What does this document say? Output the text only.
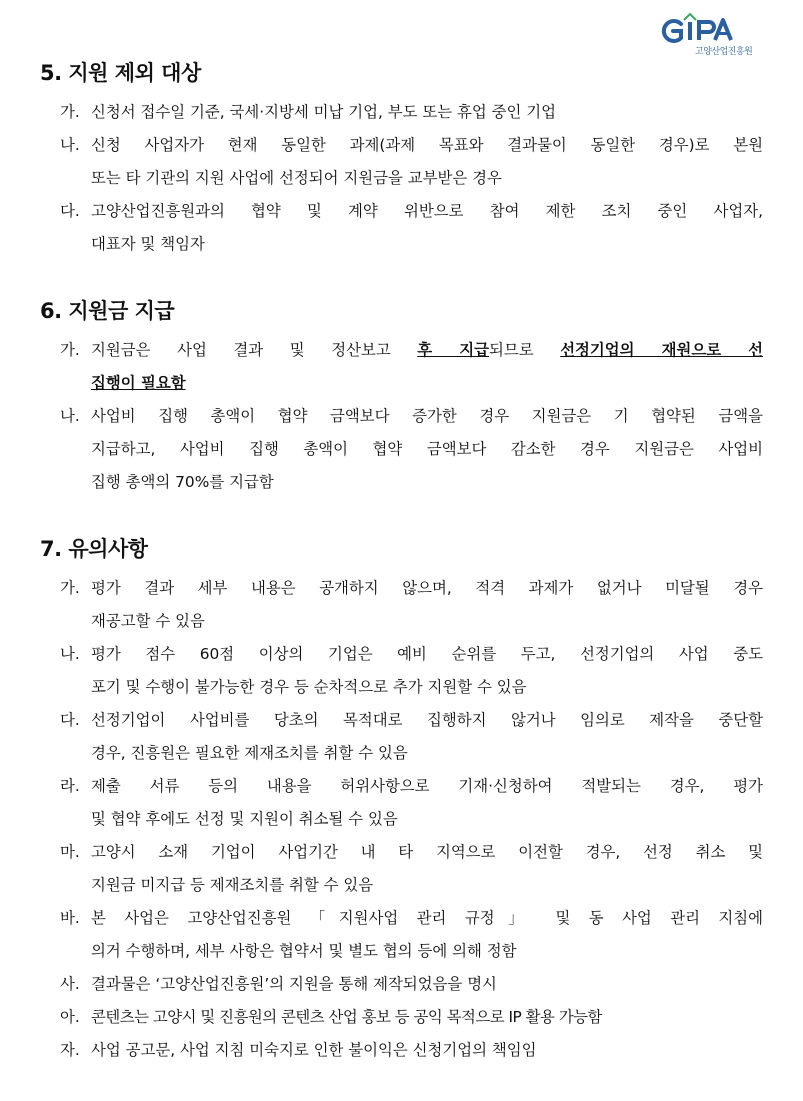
고양산업진흥원
5. 지원 제외 대상
가. 신청서 접수일 기준, 국세·지방세 미납 기업, 부도 또는 휴업 중인 기업
나. 신청 사업자가 현재 동일한 과제(과제 목표와 결과물이 동일한 경우)로 본원
또는 타 기관의 지원 사업에 선정되어 지원금을 교부받은 경우
다. 고양산업진흥원과의 협약 및 계약 위반으로 참여 제한 조치 중인 사업자,
대표자 및 책임자
6. 지원금 지급
가. 지원금은 사업 결과 및 정산보고 후 지급되므로 선정기업의 재원으로 선
집행이 필요함
나. 사업비 집행 총액이 협약 금액보다 증가한 경우 지원금은 기 협약된 금액을
지급하고, 사업비 집행 총액이 협약 금액보다 감소한 경우 지원금은 사업비
집행 총액의 70%를 지급함
7. 유의사항
가. 평가 결과 세부 내용은 공개하지 않으며, 적격 과제가 없거나 미달될 경우
재공고할 수 있음
나. 평가 점수 60점 이상의 기업은 예비 순위를 두고, 선정기업의 사업 중도
포기 및 수행이 불가능한 경우 등 순차적으로 추가 지원할 수 있음
다. 선정기업이 사업비를 당초의 목적대로 집행하지 않거나 임의로 제작을 중단할
경우, 진흥원은 필요한 제재조치를 취할 수 있음
라. 제출 서류 등의 내용을 허위사항으로 기재·신청하여 적발되는 경우, 평가
및 협약 후에도 선정 및 지원이 취소될 수 있음
마. 고양시 소재 기업이 사업기간 내 타 지역으로 이전할 경우, 선정 취소 및
지원금 미지급 등 제재조치를 취할 수 있음
바. 본 사업은 고양산업진흥원 「지원사업 관리 규정」 및 동 사업 관리 지침에
의거 수행하며, 세부 사항은 협약서 및 별도 협의 등에 의해 정함
사. 결과물은 ‘고양산업진흥원’의 지원을 통해 제작되었음을 명시
아. 콘텐츠는 고양시 및 진흥원의 콘텐츠 산업 홍보 등 공익 목적으로 IP 활용 가능함
자. 사업 공고문, 사업 지침 미숙지로 인한 불이익은 신청기업의 책임임
